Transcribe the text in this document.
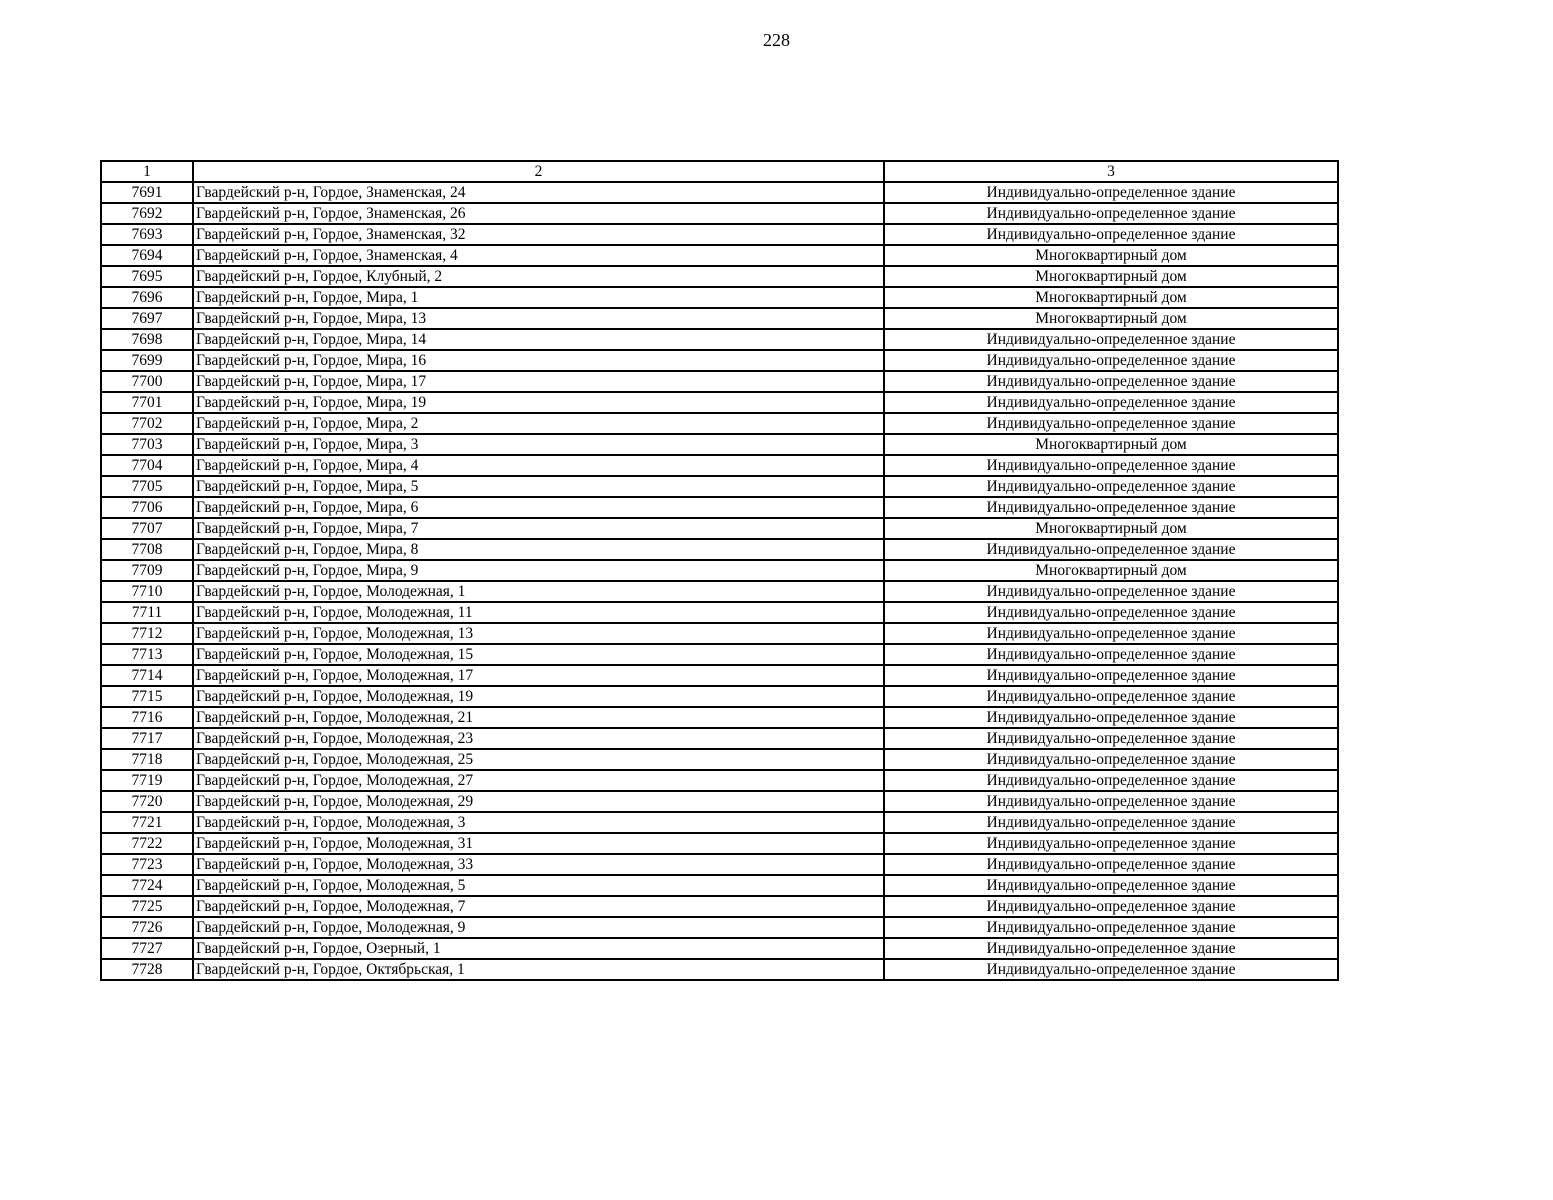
228
1	2	3
7691	Гвардейский р-н, Гордое, Знаменская, 24	Индивидуально-определенное здание
7692	Гвардейский р-н, Гордое, Знаменская, 26	Индивидуально-определенное здание
7693	Гвардейский р-н, Гордое, Знаменская, 32	Индивидуально-определенное здание
7694	Гвардейский р-н, Гордое, Знаменская, 4	Многоквартирный дом
7695	Гвардейский р-н, Гордое, Клубный, 2	Многоквартирный дом
7696	Гвардейский р-н, Гордое, Мира, 1	Многоквартирный дом
7697	Гвардейский р-н, Гордое, Мира, 13	Многоквартирный дом
7698	Гвардейский р-н, Гордое, Мира, 14	Индивидуально-определенное здание
7699	Гвардейский р-н, Гордое, Мира, 16	Индивидуально-определенное здание
7700	Гвардейский р-н, Гордое, Мира, 17	Индивидуально-определенное здание
7701	Гвардейский р-н, Гордое, Мира, 19	Индивидуально-определенное здание
7702	Гвардейский р-н, Гордое, Мира, 2	Индивидуально-определенное здание
7703	Гвардейский р-н, Гордое, Мира, 3	Многоквартирный дом
7704	Гвардейский р-н, Гордое, Мира, 4	Индивидуально-определенное здание
7705	Гвардейский р-н, Гордое, Мира, 5	Индивидуально-определенное здание
7706	Гвардейский р-н, Гордое, Мира, 6	Индивидуально-определенное здание
7707	Гвардейский р-н, Гордое, Мира, 7	Многоквартирный дом
7708	Гвардейский р-н, Гордое, Мира, 8	Индивидуально-определенное здание
7709	Гвардейский р-н, Гордое, Мира, 9	Многоквартирный дом
7710	Гвардейский р-н, Гордое, Молодежная, 1	Индивидуально-определенное здание
7711	Гвардейский р-н, Гордое, Молодежная, 11	Индивидуально-определенное здание
7712	Гвардейский р-н, Гордое, Молодежная, 13	Индивидуально-определенное здание
7713	Гвардейский р-н, Гордое, Молодежная, 15	Индивидуально-определенное здание
7714	Гвардейский р-н, Гордое, Молодежная, 17	Индивидуально-определенное здание
7715	Гвардейский р-н, Гордое, Молодежная, 19	Индивидуально-определенное здание
7716	Гвардейский р-н, Гордое, Молодежная, 21	Индивидуально-определенное здание
7717	Гвардейский р-н, Гордое, Молодежная, 23	Индивидуально-определенное здание
7718	Гвардейский р-н, Гордое, Молодежная, 25	Индивидуально-определенное здание
7719	Гвардейский р-н, Гордое, Молодежная, 27	Индивидуально-определенное здание
7720	Гвардейский р-н, Гордое, Молодежная, 29	Индивидуально-определенное здание
7721	Гвардейский р-н, Гордое, Молодежная, 3	Индивидуально-определенное здание
7722	Гвардейский р-н, Гордое, Молодежная, 31	Индивидуально-определенное здание
7723	Гвардейский р-н, Гордое, Молодежная, 33	Индивидуально-определенное здание
7724	Гвардейский р-н, Гордое, Молодежная, 5	Индивидуально-определенное здание
7725	Гвардейский р-н, Гордое, Молодежная, 7	Индивидуально-определенное здание
7726	Гвардейский р-н, Гордое, Молодежная, 9	Индивидуально-определенное здание
7727	Гвардейский р-н, Гордое, Озерный, 1	Индивидуально-определенное здание
7728	Гвардейский р-н, Гордое, Октябрьская, 1	Индивидуально-определенное здание
